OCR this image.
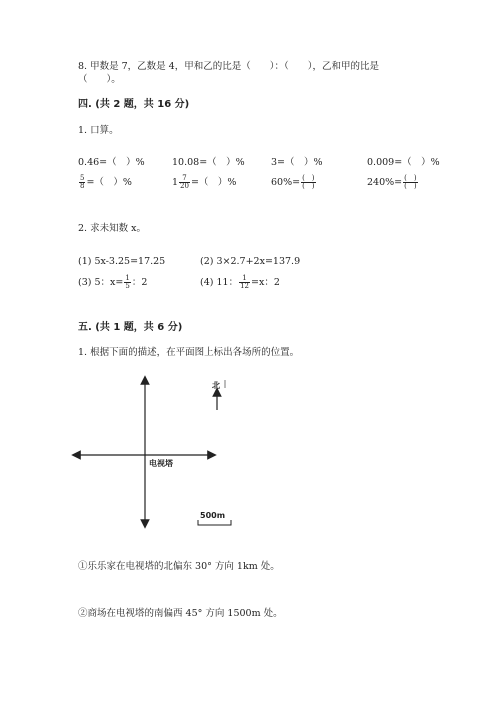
8. 甲数是 7，乙数是 4，甲和乙的比是（　　）：（　　），乙和甲的比是
（　　）。
四. (共 2 题，共 16 分)
1. 口算。
0.46=（　）%	10.08=（　）%	3=（　）%	0.009=（　）%
$\frac{5}{8}$ =（　）%	$1 \frac{7}{20}$ =（　）%	$60\%= \frac{( )}{( )}$	$240\%= \frac{( )}{( )}$
2. 求未知数 x。
(1) 5x-3.25=17.25	(2) 3×2.7+2x=137.9
(3) 5：$x= \frac{1}{5}$ ：2	(4) 11： $\frac{1}{12} =x$：2
五. (共 1 题，共 6 分)
1. 根据下面的描述，在平面图上标出各场所的位置。
电视塔
北
500m
①乐乐家在电视塔的北偏东 30° 方向 1km 处。
②商场在电视塔的南偏西 45° 方向 1500m 处。
